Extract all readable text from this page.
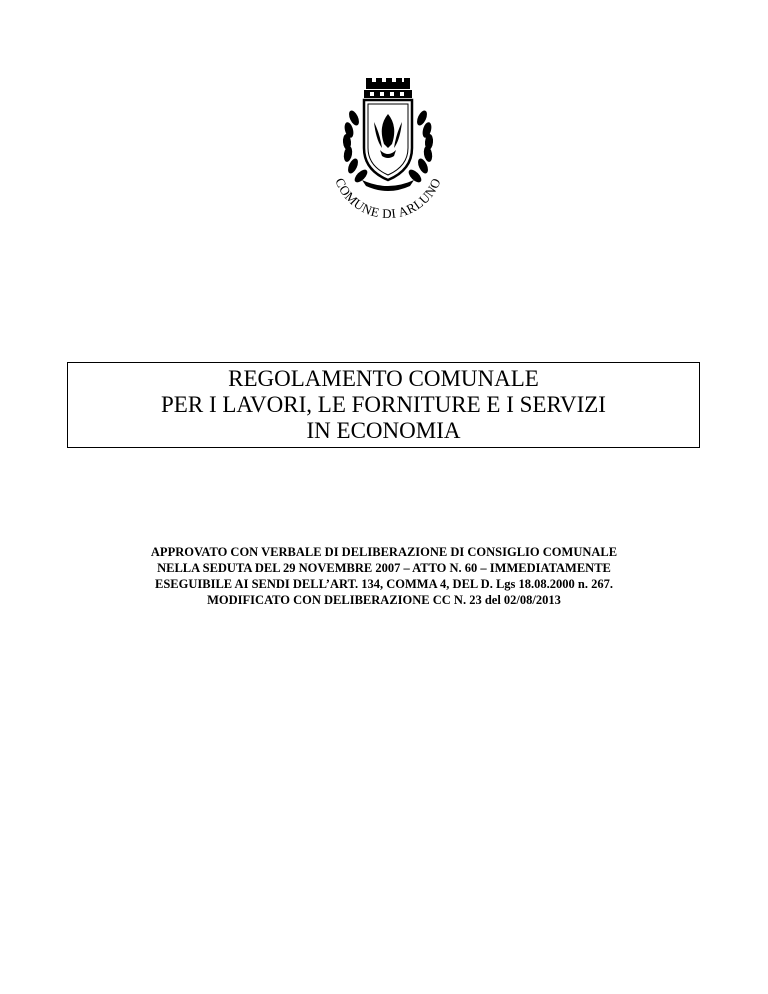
COMUNE DI ARLUNO
REGOLAMENTO COMUNALE
PER I LAVORI, LE FORNITURE E I SERVIZI
IN ECONOMIA
APPROVATO CON VERBALE DI DELIBERAZIONE DI CONSIGLIO COMUNALE
NELLA SEDUTA DEL 29 NOVEMBRE 2007 – ATTO N. 60 – IMMEDIATAMENTE
ESEGUIBILE AI SENDI DELL’ART. 134, COMMA 4, DEL D. Lgs 18.08.2000 n. 267.
MODIFICATO CON DELIBERAZIONE CC N. 23 del 02/08/2013
